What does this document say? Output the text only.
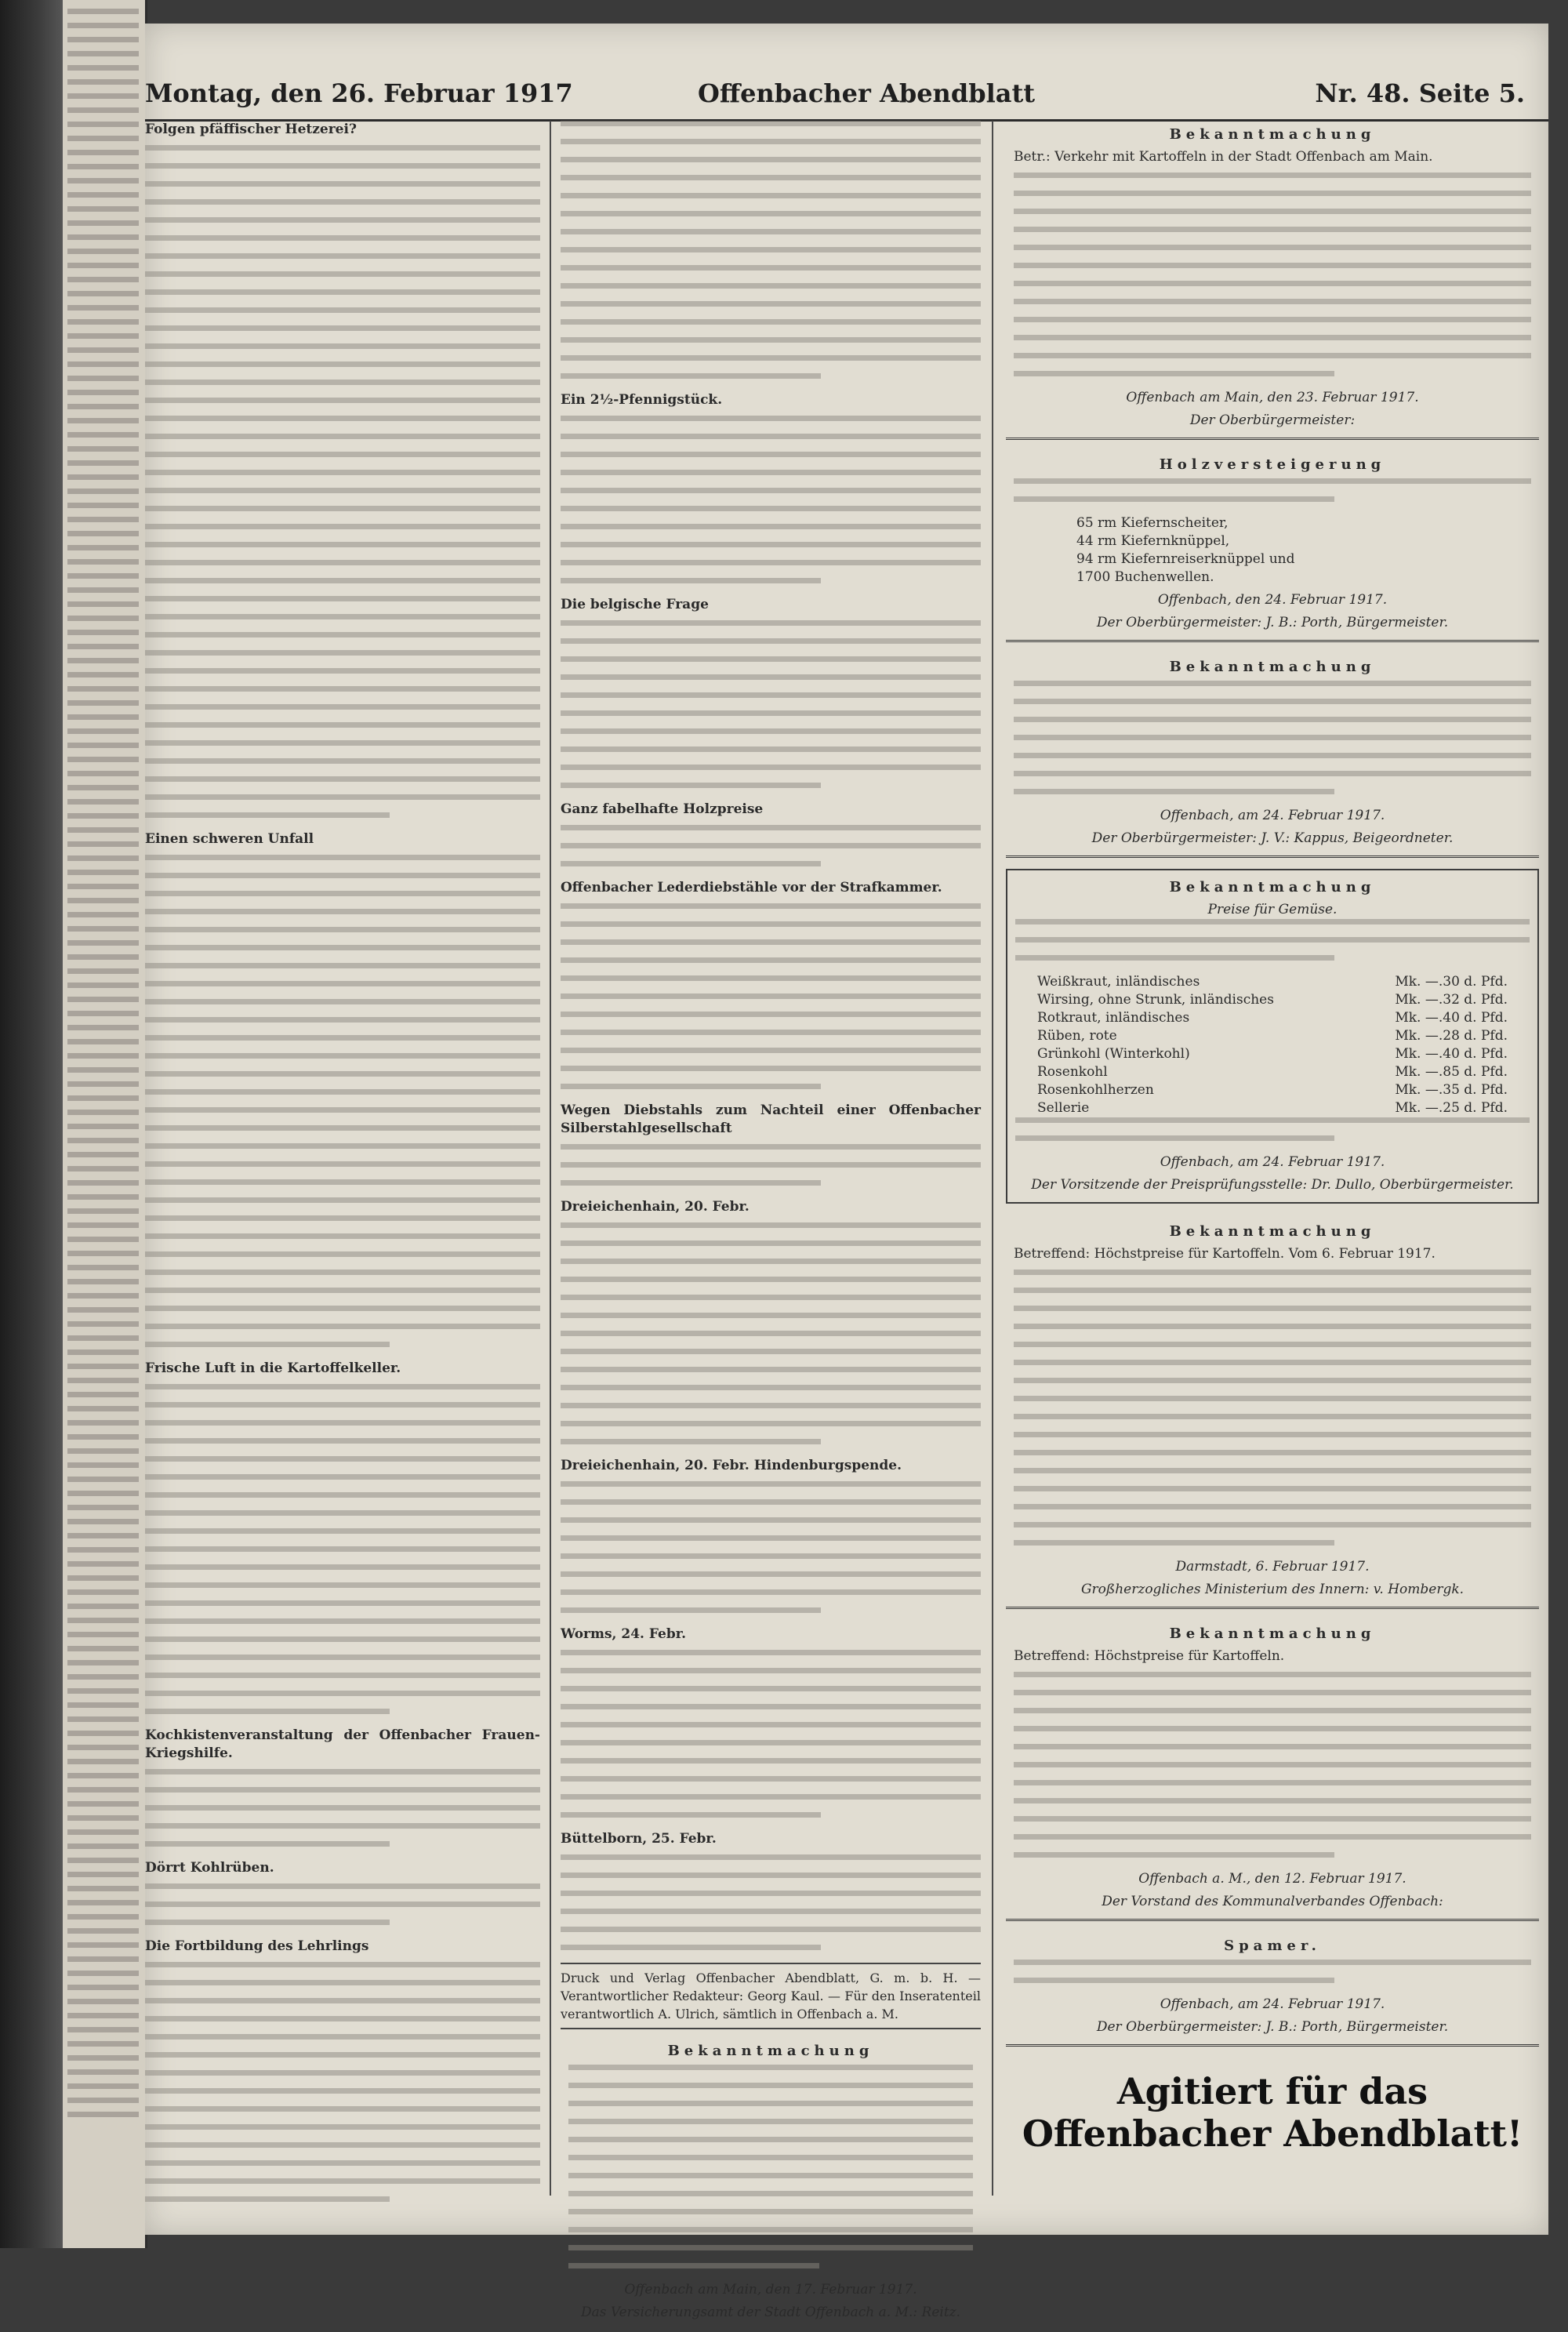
Montag, den 26. Februar 1917	Offenbacher Abendblatt	Nr. 48. Seite 5.
Folgen pfäffischer Hetzerei?
Einen schweren Unfall
Frische Luft in die Kartoffelkeller.
Kochkistenveranstaltung der Offenbacher Frauen-Kriegshilfe.
Dörrt Kohlrüben.
Die Fortbildung des Lehrlings
Ein 2½-Pfennigstück.
Die belgische Frage
Ganz fabelhafte Holzpreise
Offenbacher Lederdiebstähle vor der Strafkammer.
Wegen Diebstahls zum Nachteil einer Offenbacher Silberstahlgesellschaft
Dreieichenhain, 20. Febr.
Dreieichenhain, 20. Febr. Hindenburgspende.
Worms, 24. Febr.
Büttelborn, 25. Febr.
Druck und Verlag Offenbacher Abendblatt, G. m. b. H. — Verantwortlicher Redakteur: Georg Kaul. — Für den Inseratenteil verantwortlich A. Ulrich, sämtlich in Offenbach a. M.
Bekanntmachung
Offenbach am Main, den 17. Februar 1917.
Das Versicherungsamt der Stadt Offenbach a. M.: Reitz.
Bekanntmachung
Betr.: Verkehr mit Kartoffeln in der Stadt Offenbach am Main.
Offenbach am Main, den 23. Februar 1917.
Der Oberbürgermeister:
Holzversteigerung
65 rm Kiefernscheiter,
44 rm Kiefernknüppel,
94 rm Kiefernreiserknüppel und
1700 Buchenwellen.
Offenbach, den 24. Februar 1917.
Der Oberbürgermeister: J. B.: Porth, Bürgermeister.
Bekanntmachung
Offenbach, am 24. Februar 1917.
Der Oberbürgermeister: J. V.: Kappus, Beigeordneter.
Bekanntmachung
Preise für Gemüse.
Weißkraut, inländisches	Mk. —.30 d. Pfd.
Wirsing, ohne Strunk, inländisches	Mk. —.32 d. Pfd.
Rotkraut, inländisches	Mk. —.40 d. Pfd.
Rüben, rote	Mk. —.28 d. Pfd.
Grünkohl (Winterkohl)	Mk. —.40 d. Pfd.
Rosenkohl	Mk. —.85 d. Pfd.
Rosenkohlherzen	Mk. —.35 d. Pfd.
Sellerie	Mk. —.25 d. Pfd.
Offenbach, am 24. Februar 1917.
Der Vorsitzende der Preisprüfungsstelle: Dr. Dullo, Oberbürgermeister.
Bekanntmachung
Betreffend: Höchstpreise für Kartoffeln. Vom 6. Februar 1917.
Darmstadt, 6. Februar 1917.
Großherzogliches Ministerium des Innern: v. Hombergk.
Bekanntmachung
Betreffend: Höchstpreise für Kartoffeln.
Offenbach a. M., den 12. Februar 1917.
Der Vorstand des Kommunalverbandes Offenbach:
Spamer.
Offenbach, am 24. Februar 1917.
Der Oberbürgermeister: J. B.: Porth, Bürgermeister.
Agitiert für das Offenbacher Abendblatt!
